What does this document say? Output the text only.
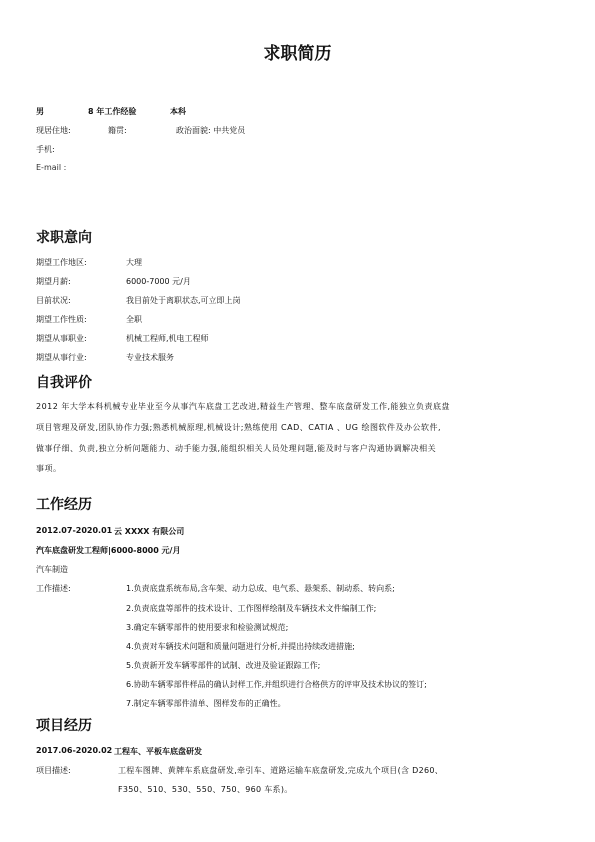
求职简历
男	8 年工作经验	本科
现居住地:	籍贯:	政治面貌: 中共党员
手机:
E-mail :
求职意向
期望工作地区:	大理
期望月薪:	6000-7000 元/月
目前状况:	我目前处于离职状态,可立即上岗
期望工作性质:	全职
期望从事职业:	机械工程师,机电工程师
期望从事行业:	专业技术服务
自我评价
2012 年大学本科机械专业毕业至今从事汽车底盘工艺改进,精益生产管理、整车底盘研发工作,能独立负责底盘
项目管理及研发,团队协作力强;熟悉机械原理,机械设计;熟练使用 CAD、CATIA 、UG 绘图软件及办公软件,
做事仔细、负责,独立分析问题能力、动手能力强,能组织相关人员处理问题,能及时与客户沟通协调解决相关
事项。
工作经历
2012.07-2020.01 云 XXXX 有限公司
汽车底盘研发工程师|6000-8000 元/月
汽车制造
工作描述:	1.负责底盘系统布局,含车架、动力总成、电气系、悬架系、制动系、转向系;
2.负责底盘等部件的技术设计、工作图样绘制及车辆技术文件编制工作;
3.确定车辆零部件的使用要求和检验测试规范;
4.负责对车辆技术问题和质量问题进行分析,并提出持续改进措施;
5.负责新开发车辆零部件的试制、改进及验证跟踪工作;
6.协助车辆零部件样品的确认封样工作,并组织进行合格供方的评审及技术协议的签订;
7.制定车辆零部件清单、图样发布的正确性。
项目经历
2017.06-2020.02 工程车、平板车底盘研发
项目描述:	工程车图牌、黄牌车系底盘研发,牵引车、道路运输车底盘研发,完成九个项目(含 D260、
F350、510、530、550、750、960 车系)。
